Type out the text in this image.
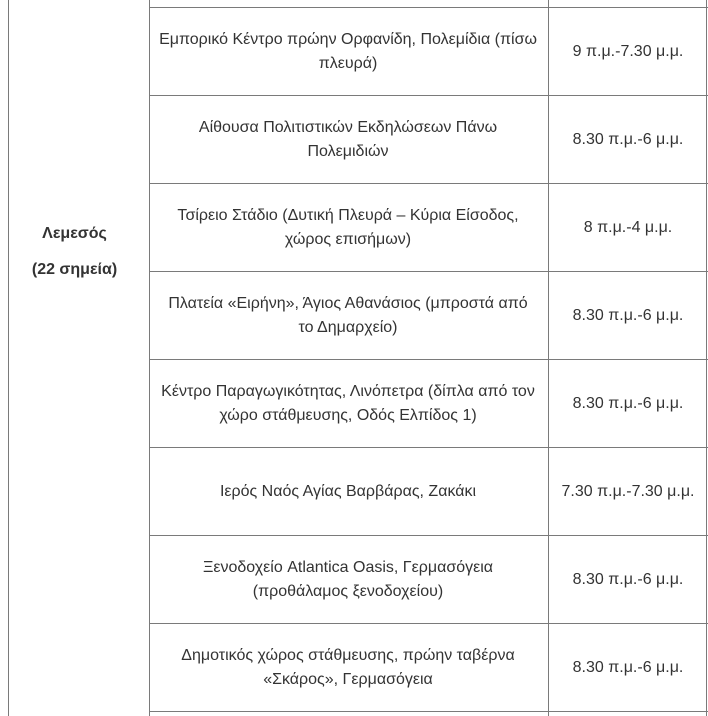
Λεμεσός
(22 σημεία)
Εμπορικό Κέντρο πρώην Ορφανίδη, Πολεμίδια (πίσω πλευρά)
9 π.μ.-7.30 μ.μ.
Αίθουσα Πολιτιστικών Εκδηλώσεων Πάνω Πολεμιδιών
8.30 π.μ.-6 μ.μ.
Τσίρειο Στάδιο (Δυτική Πλευρά – Κύρια Είσοδος, χώρος επισήμων)
8 π.μ.-4 μ.μ.
Πλατεία «Ειρήνη», Άγιος Αθανάσιος (μπροστά από το Δημαρχείο)
8.30 π.μ.-6 μ.μ.
Κέντρο Παραγωγικότητας, Λινόπετρα (δίπλα από τον χώρο στάθμευσης, Οδός Ελπίδος 1)
8.30 π.μ.-6 μ.μ.
Ιερός Ναός Αγίας Βαρβάρας, Ζακάκι	7.30 π.μ.-7.30 μ.μ.
Ξενοδοχείο Atlantica Oasis, Γερμασόγεια (προθάλαμος ξενοδοχείου)
8.30 π.μ.-6 μ.μ.
Δημοτικός χώρος στάθμευσης, πρώην ταβέρνα «Σκάρος», Γερμασόγεια
8.30 π.μ.-6 μ.μ.
